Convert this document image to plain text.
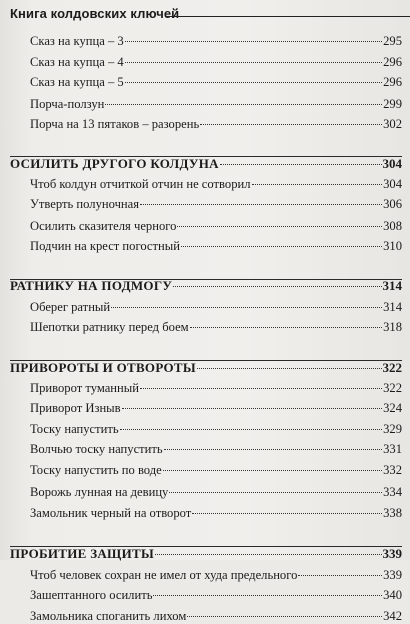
Книга колдовских ключей
Сказ на купца – 3	295
Сказ на купца – 4	296
Сказ на купца – 5	296
Порча-ползун	299
Порча на 13 пятаков – разорень	302
ОСИЛИТЬ ДРУГОГО КОЛДУНА	304
Чтоб колдун отчиткой отчин не сотворил	304
Утверть полуночная	306
Осилить сказителя черного	308
Подчин на крест погостный	310
РАТНИКУ НА ПОДМОГУ	314
Оберег ратный	314
Шепотки ратнику перед боем	318
ПРИВОРОТЫ И ОТВОРОТЫ	322
Приворот туманный	322
Приворот Изныв	324
Тоску напустить	329
Волчью тоску напустить	331
Тоску напустить по воде	332
Ворожь лунная на девицу	334
Замольник черный на отворот	338
ПРОБИТИЕ ЗАЩИТЫ	339
Чтоб человек сохран не имел от худа предельного	339
Зашептанного осилить	340
Замольника споганить лихом	342
